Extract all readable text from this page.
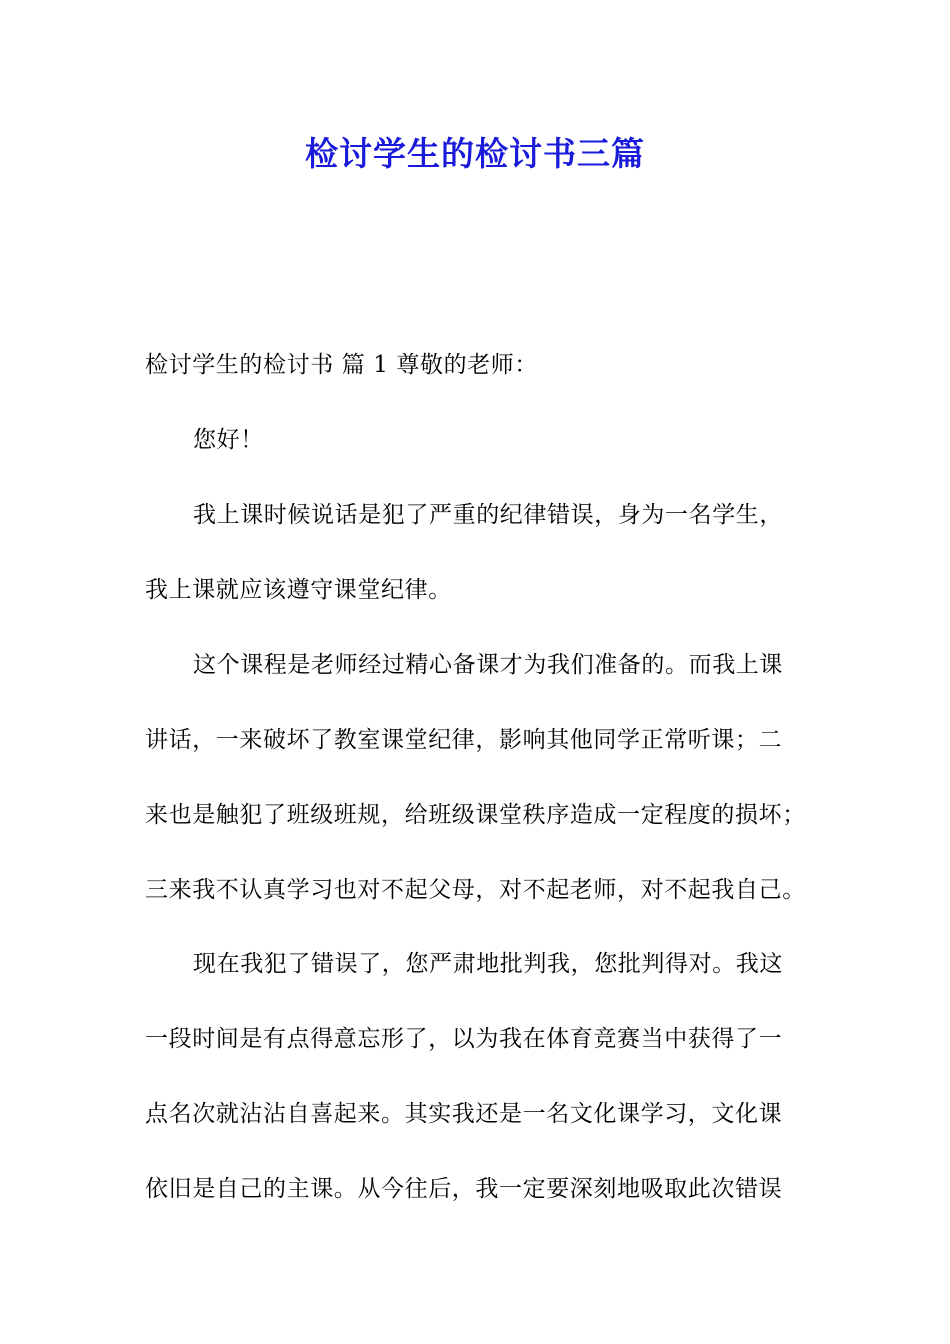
检讨学生的检讨书三篇

检讨学生的检讨书 篇 1 尊敬的老师：

您好！

我上课时候说话是犯了严重的纪律错误，身为一名学生，

我上课就应该遵守课堂纪律。

这个课程是老师经过精心备课才为我们准备的。而我上课

讲话，一来破坏了教室课堂纪律，影响其他同学正常听课；二

来也是触犯了班级班规，给班级课堂秩序造成一定程度的损坏；

三来我不认真学习也对不起父母，对不起老师，对不起我自己。

现在我犯了错误了，您严肃地批判我，您批判得对。我这

一段时间是有点得意忘形了，以为我在体育竞赛当中获得了一

点名次就沾沾自喜起来。其实我还是一名文化课学习，文化课

依旧是自己的主课。从今往后，我一定要深刻地吸取此次错误
